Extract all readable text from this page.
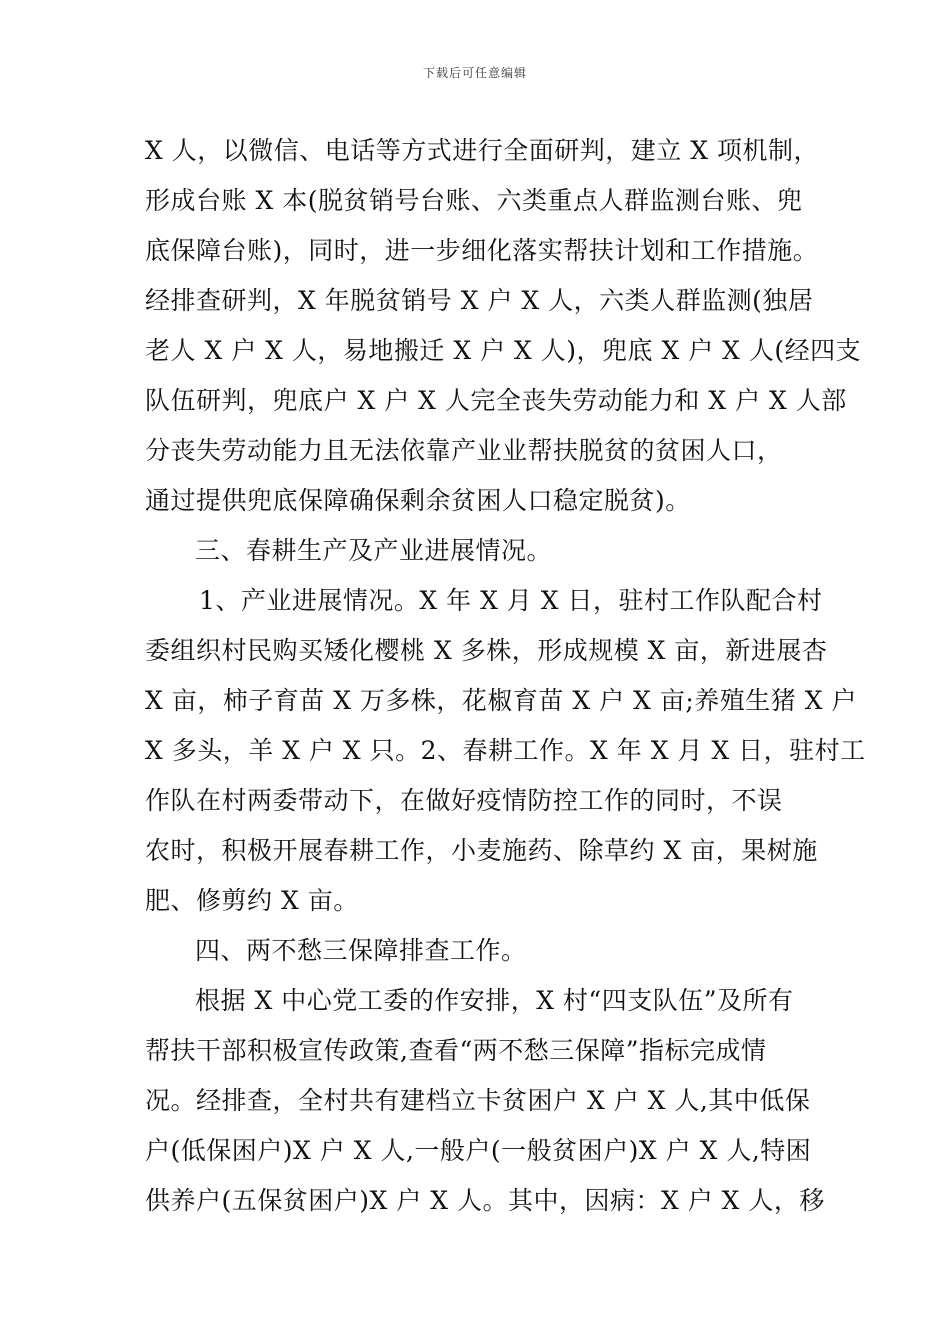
下载后可任意编辑
X 人，以微信、电话等方式进行全面研判，建立 X 项机制，
形成台账 X 本(脱贫销号台账、六类重点人群监测台账、兜
底保障台账)，同时，进一步细化落实帮扶计划和工作措施。
经排查研判，X 年脱贫销号 X 户 X 人，六类人群监测(独居
老人 X 户 X 人，易地搬迁 X 户 X 人)，兜底 X 户 X 人(经四支
队伍研判，兜底户 X 户 X 人完全丧失劳动能力和 X 户 X 人部
分丧失劳动能力且无法依靠产业业帮扶脱贫的贫困人口，
通过提供兜底保障确保剩余贫困人口稳定脱贫)。
三、春耕生产及产业进展情况。
1、产业进展情况。X 年 X 月 X 日，驻村工作队配合村
委组织村民购买矮化樱桃 X 多株，形成规模 X 亩，新进展杏
X 亩，柿子育苗 X 万多株，花椒育苗 X 户 X 亩;养殖生猪 X 户
X 多头，羊 X 户 X 只。2、春耕工作。X 年 X 月 X 日，驻村工
作队在村两委带动下，在做好疫情防控工作的同时，不误
农时，积极开展春耕工作，小麦施药、除草约 X 亩，果树施
肥、修剪约 X 亩。
四、两不愁三保障排查工作。
根据 X 中心党工委的作安排，X 村“四支队伍”及所有
帮扶干部积极宣传政策,查看“两不愁三保障”指标完成情
况。经排查，全村共有建档立卡贫困户 X 户 X 人,其中低保
户(低保困户)X 户 X 人,一般户(一般贫困户)X 户 X 人,特困
供养户(五保贫困户)X 户 X 人。其中，因病：X 户 X 人，移
